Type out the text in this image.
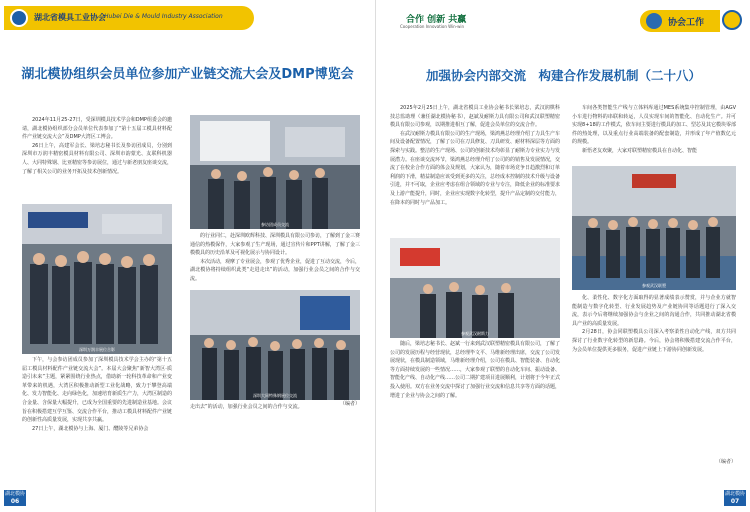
湖北省模具工业协会
Hubei Die & Mould Industry Association
湖北模协组织会员单位参加产业链交流大会及DMP博览会

2024年11月25-27日，受深圳模具技术学会和DMP组委会的邀请，湖北模协组织部分会员单位代表参加了“第十五届工模具材料配件产业链交流大会”及DMP大湾区工博会。

26日上午，高建军会长、梁培志秘书长及参访团成员，分别到深圳市万润丰精密模具材料有限公司、深圳市韵蒙光、友联科机器人、大同特殊钢、比亚精密等参访展位，通过与新老朋友座谈交流，了解了相关公司的业务开拓及技术创新情况。

深圳万润丰展位合影

下午，与会参访团成员参加了深圳模具技术学会主办的“第十五届工模具材料配件产业链交流大会”。本届大会聚焦“新智大湾区·质造引未来”主题，紧紧围绕行业热点，借助新一轮科技革命和产业变革带来的机遇，大湾区积极推动新型工业化战略，致力于攀登高端化、发力智能化、走向绿色化，加速培育新质生产力，大湾区制造的合金量、含保量大幅提升，已成为全国重要的先进制造业基地。会议旨在积极搭建互学互鉴、交流合作平台，推动工模具材料配件产业链的创新性高质量发展，实现共享共赢。

27日上午，湖北模协与上海、厦门、醴陵等兄弟协会

参访团成员交流

的行业同仁，赴深圳欧辉科技、深圳模具有限公司参访，了解到了金三赛通信的热模保作，大家参观了生产现场，通过宣传片和PPT讲解，了解了金三模模具的历史沿革及可视化展示与协同设计。

本次活动，观摩了专业展会，参观了优秀企业，促进了互动交流，今后，湖北模协将持续组织此类“走进走出”的活动，加强行业会员之间的合作与交流。

深圳大同特殊钢展位交流

走出去”的活动，加强行业会员之间的合作与交流。	（编者）
湖北模协
06
合作 创新 共赢
Cooperation Innovation Win-win	协会工作
加强协会内部交流　构建合作发展机制（二十八）

2025年2月25日上午，湖北省模具工业协会秘书长梁培志，武汉润棋科技总监助理（兼任湖北模协秘书），赵斌及耐斯力具有限公司和武汉联塑精密模具有限公司参观，以期推进相互了解，促进会员单位的交流合作。

在武汉耐斯力模具有限公司的生产现场，梁鸿燕总经理介绍了力具生产车间及设备配置情况，了解了公司在刀具修复、刀具研发、耐材料深层等方面的探索与实践。整洁的生产现场、公司的创新技术均彰显了耐斯力专业实力与发展潜力。在座谈交流环节，梁鸿燕总经理介绍了公司的的销售及发展情况，交流了在校企合作方面的体会及规划，大家认为，随着市场竞争日趋激烈和订单利润的下滑，精益制造应该受到更多的关注，总经成本控制的技术升级与设备引进，并不可取，企业应考虑在组合领域的专业与专注，降低企业的标准要求及上游产能提升，同时，企业应实现数字化转型，提升产品定制的交付能力，在降本的同时与产品加工。

参观武汉耐斯力

随后，梁培志秘书长、赵斌一行来到武汉联塑精密模具有限公司，了解了公司的发展历程与经营现状，总经理毕文平、马维新经理出席，交流了公司发展现状，在模具制造领域，马维新经理介绍，公司在模具、智能装备、自动化等方面持续发展的一些情况……，大家参观了联塑的自动化车间、振动设备、智能化产线、自动化产线……公司二期扩建项目进展顺利，计划将于今年正式投入使用。双方在业务交流中探讨了加强行业交流和信息共享等方面的话题，增进了企业与协会之间的了解。

车间各类智能生产线与立体料库通过MES系统集中控制管理，由AGV小车进行物料的串联和转运，人员实现车间的智能化、自动化生产。并可实现8+18的工作模式，依车间主要进行模具的加工、型芯及其它模块零部件的热处理，以及重点行业高端装备的配套制造，并形成了年产值数亿元的规模。

新悟老友欢聚，大家对联塑精密模具在自动化、智能

参观武汉联塑

化、柔性化、数字化方面取得的显著成绩表示赞赏，并与企业方就智能制造与数字化转型、行业发展趋势及产业链协同等话题进行了深入交流，表示今后将继续加强协会与企业之间的沟通合作，共同推动湖北省模具产业的高质量发展。

2月28日，协会同联塑模具公司深入考察柔性自动化产线，双方共同探讨了行业数字化转型的新思路。今后，协会将积极搭建交流合作平台，为会员单位提供更多服务，促进产业链上下游协同创新发展。

（编者）
湖北模协
07
